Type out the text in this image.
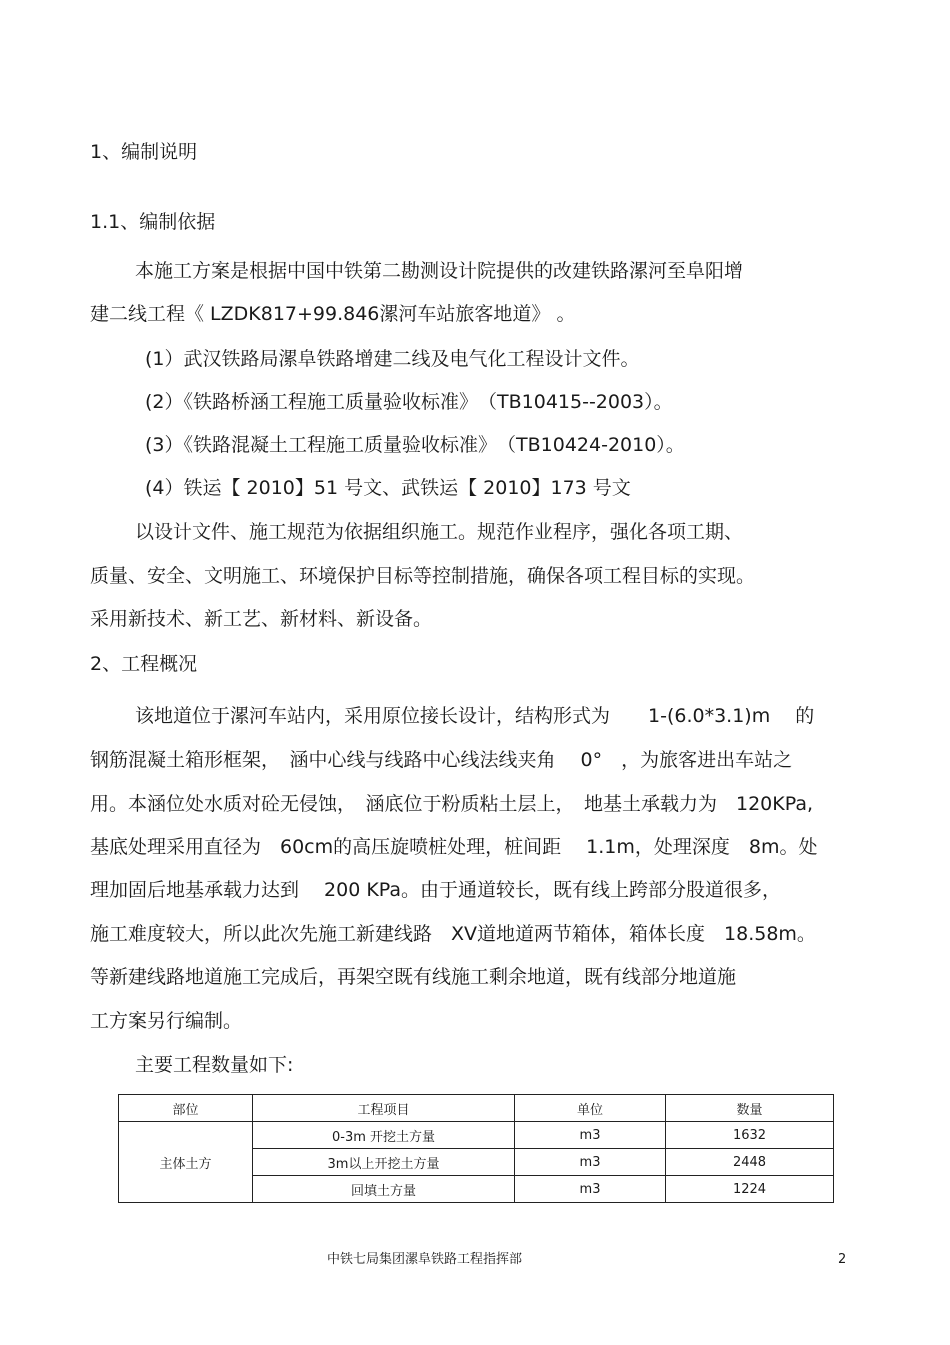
1、编制说明
1.1、编制依据
本施工方案是根据中国中铁第二勘测设计院提供的改建铁路漯河至阜阳增
建二线工程《 LZDK817+99.846漯河车站旅客地道》 。
(1）武汉铁路局漯阜铁路增建二线及电气化工程设计文件。
(2）《铁路桥涵工程施工质量验收标准》　（TB10415--2003）。
(3）《铁路混凝土工程施工质量验收标准》　（TB10424-2010）。
(4）铁运【 2010】51 号文、武铁运【 2010】173 号文
以设计文件、施工规范为依据组织施工。规范作业程序，强化各项工期、
质量、安全、文明施工、环境保护目标等控制措施，确保各项工程目标的实现。
采用新技术、新工艺、新材料、新设备。
2、工程概况
该地道位于漯河车站内，采用原位接长设计，结构形式为　　1-(6.0*3.1)m　 的
钢筋混凝土箱形框架，　涵中心线与线路中心线法线夹角　 0°　，为旅客进出车站之
用。本涵位处水质对砼无侵蚀，　涵底位于粉质粘土层上，　地基土承载力为　120KPa,
基底处理采用直径为　60cm的高压旋喷桩处理，桩间距　 1.1m，处理深度　8m。处
理加固后地基承载力达到　 200 KPa。由于通道较长，既有线上跨部分股道很多，
施工难度较大，所以此次先施工新建线路　XV道地道两节箱体，箱体长度　18.58m。
等新建线路地道施工完成后，再架空既有线施工剩余地道，既有线部分地道施
工方案另行编制。
主要工程数量如下:
部位	工程项目	单位	数量
主体土方	0-3m 开挖土方量	m3	1632
	3m以上开挖土方量	m3	2448
	回填土方量	m3	1224
中铁七局集团漯阜铁路工程指挥部	2
